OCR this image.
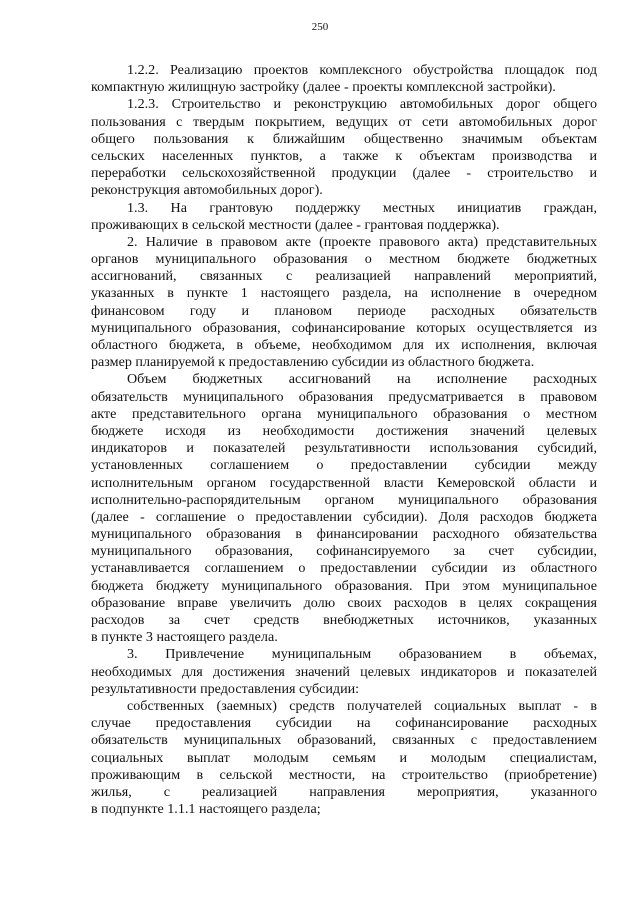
250
1.2.2. Реализацию проектов комплексного обустройства площадок под
компактную жилищную застройку (далее - проекты комплексной застройки).
1.2.3. Строительство и реконструкцию автомобильных дорог общего
пользования с твердым покрытием, ведущих от сети автомобильных дорог
общего пользования к ближайшим общественно значимым объектам
сельских населенных пунктов, а также к объектам производства и
переработки сельскохозяйственной продукции (далее - строительство и
реконструкция автомобильных дорог).
1.3. На грантовую поддержку местных инициатив граждан,
проживающих в сельской местности (далее - грантовая поддержка).
2. Наличие в правовом акте (проекте правового акта) представительных
органов муниципального образования о местном бюджете бюджетных
ассигнований, связанных с реализацией направлений мероприятий,
указанных в пункте 1 настоящего раздела, на исполнение в очередном
финансовом году и плановом периоде расходных обязательств
муниципального образования, софинансирование которых осуществляется из
областного бюджета, в объеме, необходимом для их исполнения, включая
размер планируемой к предоставлению субсидии из областного бюджета.
Объем бюджетных ассигнований на исполнение расходных
обязательств муниципального образования предусматривается в правовом
акте представительного органа муниципального образования о местном
бюджете исходя из необходимости достижения значений целевых
индикаторов и показателей результативности использования субсидий,
установленных соглашением о предоставлении субсидии между
исполнительным органом государственной власти Кемеровской области и
исполнительно-распорядительным органом муниципального образования
(далее - соглашение о предоставлении субсидии). Доля расходов бюджета
муниципального образования в финансировании расходного обязательства
муниципального образования, софинансируемого за счет субсидии,
устанавливается соглашением о предоставлении субсидии из областного
бюджета бюджету муниципального образования. При этом муниципальное
образование вправе увеличить долю своих расходов в целях сокращения
расходов за счет средств внебюджетных источников, указанных
в пункте 3 настоящего раздела.
3. Привлечение муниципальным образованием в объемах,
необходимых для достижения значений целевых индикаторов и показателей
результативности предоставления субсидии:
собственных (заемных) средств получателей социальных выплат - в
случае предоставления субсидии на софинансирование расходных
обязательств муниципальных образований, связанных с предоставлением
социальных выплат молодым семьям и молодым специалистам,
проживающим в сельской местности, на строительство (приобретение)
жилья, с реализацией направления мероприятия, указанного
в подпункте 1.1.1 настоящего раздела;
